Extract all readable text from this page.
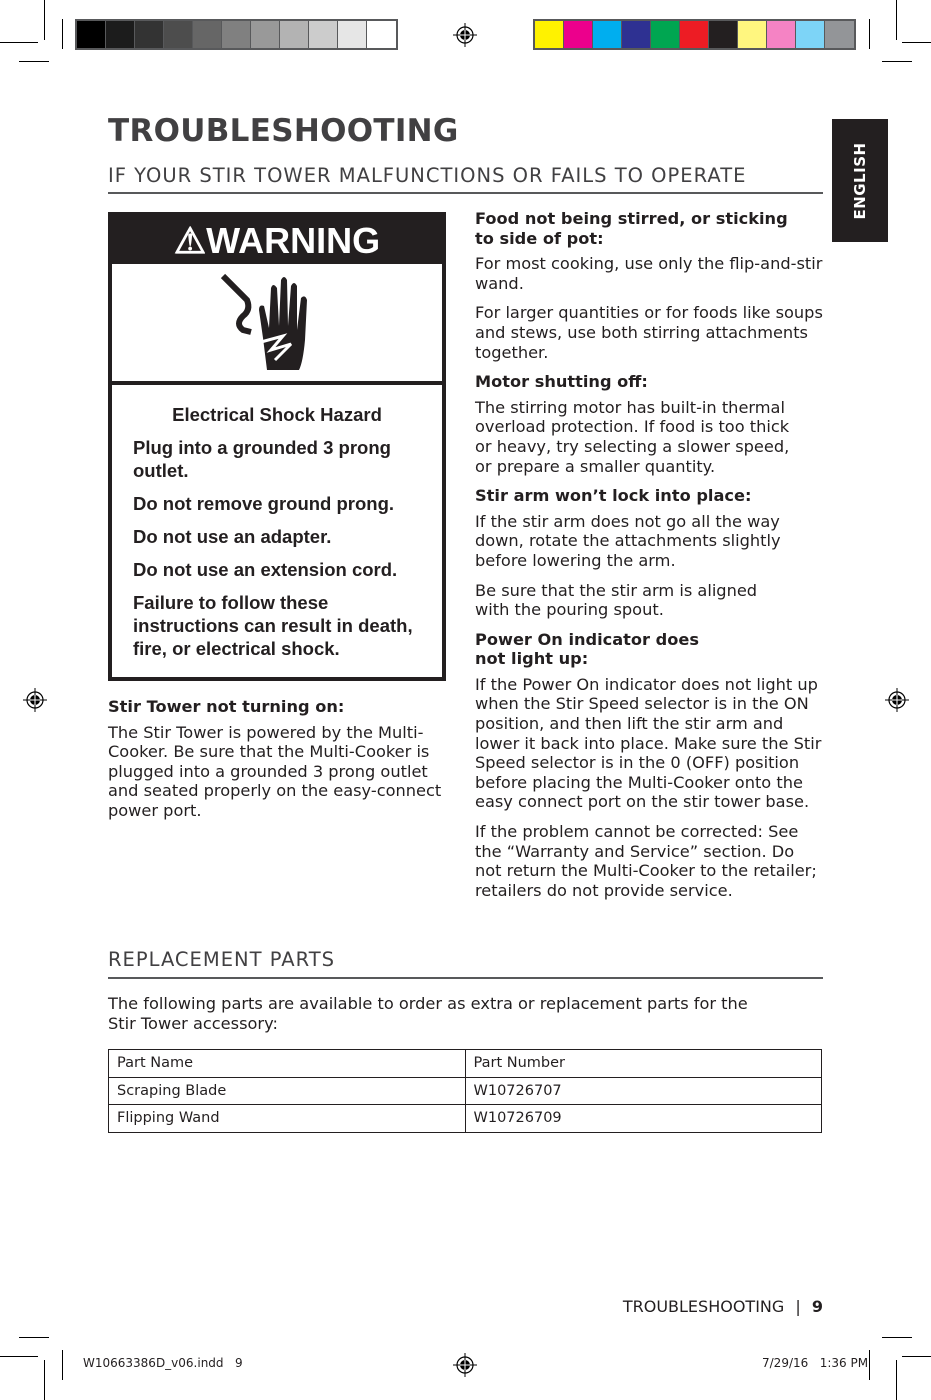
TROUBLESHOOTING
IF YOUR STIR TOWER MALFUNCTIONS OR FAILS TO OPERATE	ENGLISH
⚠WARNING

Electrical Shock Hazard

Plug into a grounded 3 prong outlet.

Do not remove ground prong.

Do not use an adapter.

Do not use an extension cord.

Failure to follow these instructions can result in death, fire, or electrical shock.

Stir Tower not turning on:

The Stir Tower is powered by the Multi-Cooker. Be sure that the Multi-Cooker is plugged into a grounded 3 prong outlet and seated properly on the easy-connect power port.

Food not being stirred, or sticking to side of pot:

For most cooking, use only the flip-and-stir wand.

For larger quantities or for foods like soups and stews, use both stirring attachments together.

Motor shutting off:

The stirring motor has built-in thermal overload protection. If food is too thick or heavy, try selecting a slower speed, or prepare a smaller quantity.

Stir arm won’t lock into place:

If the stir arm does not go all the way down, rotate the attachments slightly before lowering the arm.

Be sure that the stir arm is aligned with the pouring spout.

Power On indicator does not light up:

If the Power On indicator does not light up when the Stir Speed selector is in the ON position, and then lift the stir arm and lower it back into place. Make sure the Stir Speed selector is in the 0 (OFF) position before placing the Multi-Cooker onto the easy connect port on the stir tower base.

If the problem cannot be corrected: See the “Warranty and Service” section. Do not return the Multi-Cooker to the retailer; retailers do not provide service.

REPLACEMENT PARTS
The following parts are available to order as extra or replacement parts for the Stir Tower accessory:
Part Name	Part Number
Scraping Blade	W10726707
Flipping Wand	W10726709
TROUBLESHOOTING | 9
W10663386D_v06.indd   9	7/29/16   1:36 PM
